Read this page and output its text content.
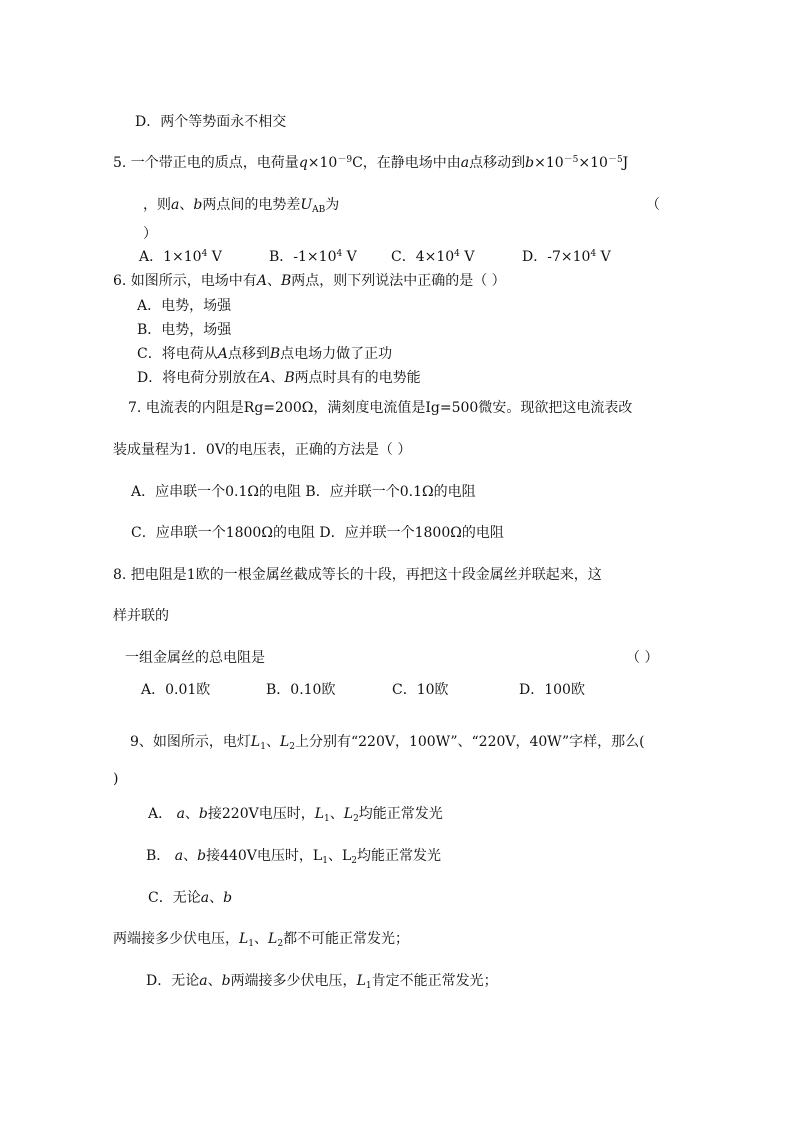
D．两个等势面永不相交
5. 一个带正电的质点，电荷量$q\times 10^{-9}C$，在静电场中由a点移动到$b\times 10^{-5}\times 10^{-5}J$
，则a、b两点间的电势差$U_{AB}$为	（
）
A．$1\times 10^4$ V	B．$-1\times 10^4$ V C．$4\times 10^4$ V	D．$-7\times 10^4$ V
6. 如图所示，电场中有A、B两点，则下列说法中正确的是（ ）
A．电势，场强
B．电势，场强
C．将电荷从A点移到B点电场力做了正功
D．将电荷分别放在A、B两点时具有的电势能
7. 电流表的内阻是Rg=200Ω，满刻度电流值是Ig=500微安。现欲把这电流表改
装成量程为1．0V的电压表，正确的方法是（ ）
A．应串联一个0.1Ω的电阻 B．应并联一个0.1Ω的电阻
C．应串联一个1800Ω的电阻 D．应并联一个1800Ω的电阻
8. 把电阻是1欧的一根金属丝截成等长的十段，再把这十段金属丝并联起来，这
样并联的
一组金属丝的总电阻是	（ ）
A．0.01欧	B．0.10欧	C．10欧	D．100欧
9、如图所示，电灯$L_1$、$L_2$上分别有“220V，100W”、“220V，40W”字样，那么(
)
A． a、b接220V电压时，$L_1$、$L_2$均能正常发光
B． a、b接440V电压时，$L_1$、$L_2$均能正常发光
C．无论a、b
两端接多少伏电压，$L_1$、$L_2$都不可能正常发光；
D．无论a、b两端接多少伏电压，$L_1$肯定不能正常发光；
